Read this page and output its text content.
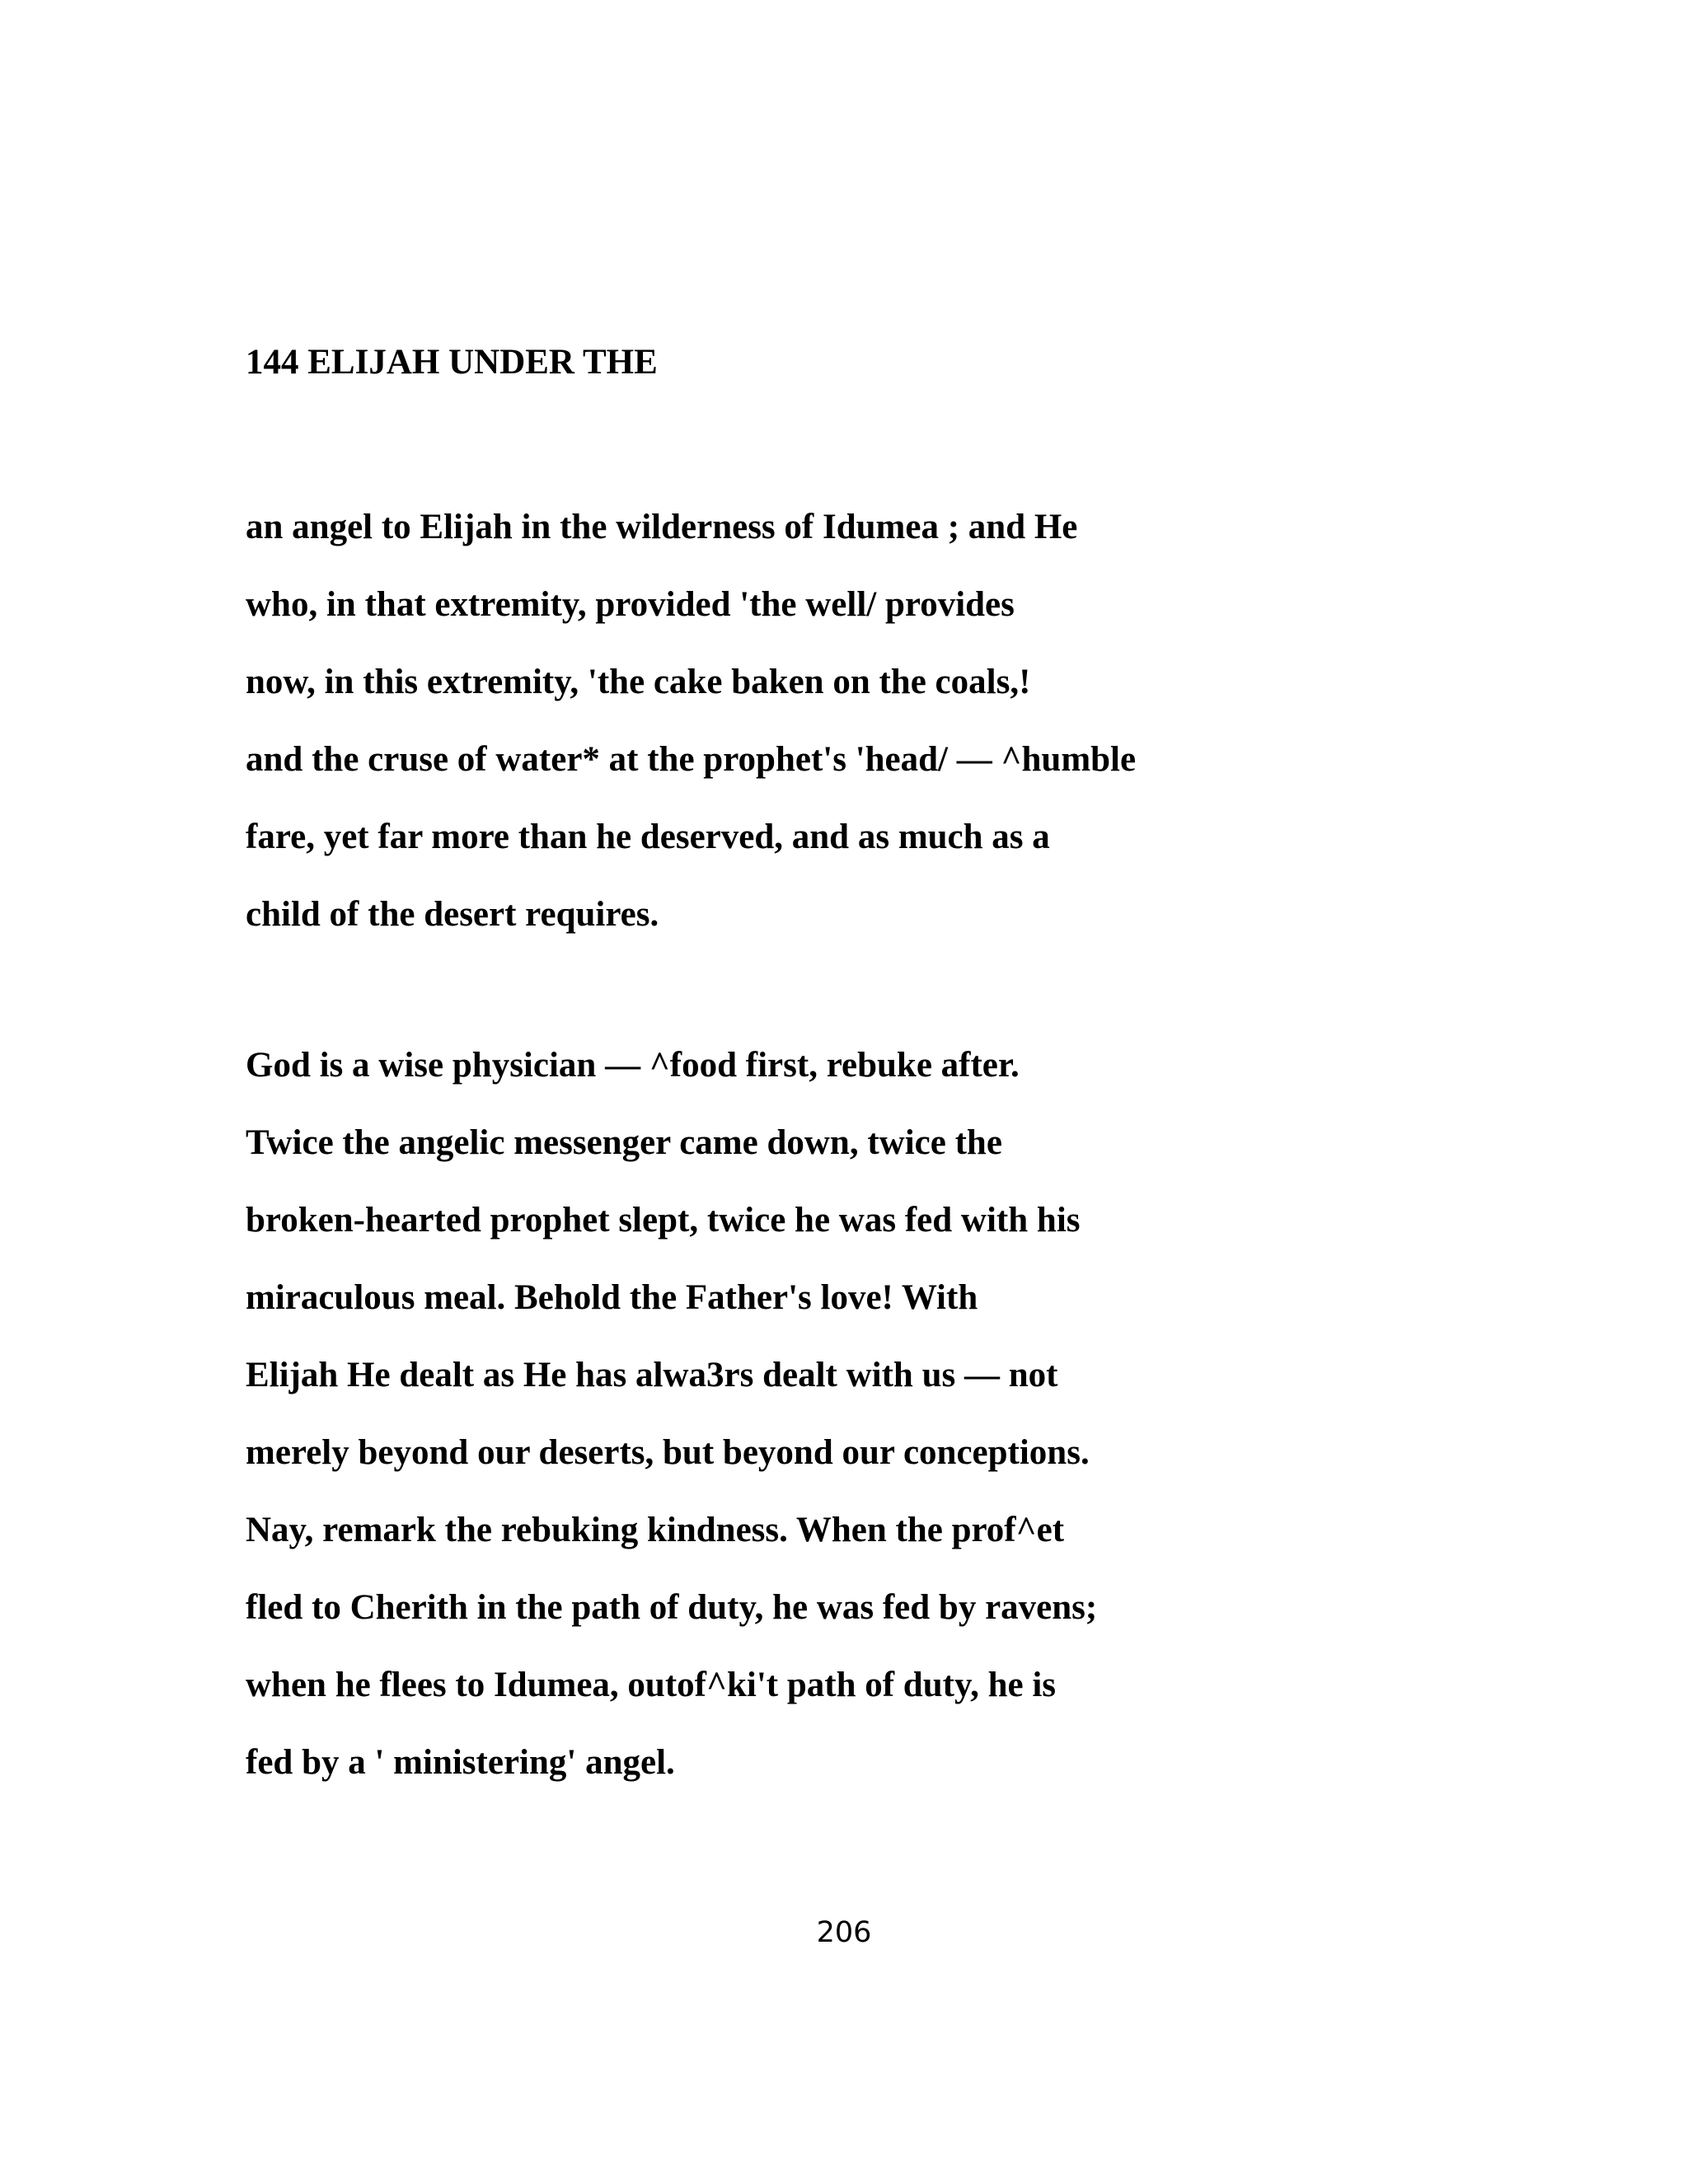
144 ELIJAH UNDER THE
an angel to Elijah in the wilderness of Idumea ; and He
who, in that extremity, provided 'the well/ provides
now, in this extremity, 'the cake baken on the coals,!
and the cruse of water* at the prophet's 'head/ — ^humble
fare, yet far more than he deserved, and as much as a
child of the desert requires.
God is a wise physician — ^food first, rebuke after.
Twice the angelic messenger came down, twice the
broken-hearted prophet slept, twice he was fed with his
miraculous meal. Behold the Father's love! With
Elijah He dealt as He has alwa3rs dealt with us — not
merely beyond our deserts, but beyond our conceptions.
Nay, remark the rebuking kindness. When the prof^et
fled to Cherith in the path of duty, he was fed by ravens;
when he flees to Idumea, outof^ki't path of duty, he is
fed by a ' ministering' angel.
206
